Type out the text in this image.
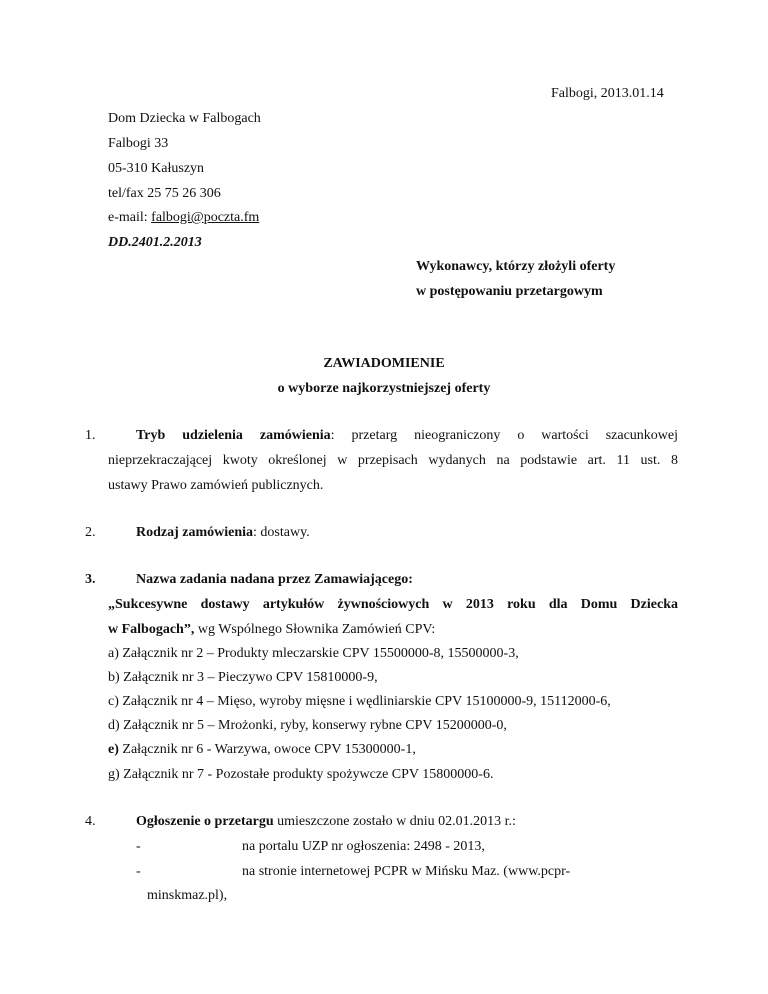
Falbogi, 2013.01.14
Dom Dziecka w Falbogach
Falbogi 33
05-310 Kałuszyn
tel/fax 25 75 26 306
e-mail: falbogi@poczta.fm
DD.2401.2.2013
Wykonawcy, którzy złożyli oferty
w postępowaniu przetargowym
ZAWIADOMIENIE
o wyborze najkorzystniejszej oferty
1.	Tryb udzielenia zamówienia: przetarg nieograniczony o wartości szacunkowej
nieprzekraczającej kwoty określonej w przepisach wydanych na podstawie art. 11 ust. 8
ustawy Prawo zamówień publicznych.
2.	Rodzaj zamówienia: dostawy.
3.	Nazwa zadania nadana przez Zamawiającego:
„Sukcesywne dostawy artykułów żywnościowych w 2013 roku dla Domu Dziecka
w Falbogach”, wg Wspólnego Słownika Zamówień CPV:
a) Załącznik nr 2 – Produkty mleczarskie CPV 15500000-8, 15500000-3,
b) Załącznik nr 3 – Pieczywo CPV 15810000-9,
c) Załącznik nr 4 – Mięso, wyroby mięsne i wędliniarskie CPV 15100000-9, 15112000-6,
d) Załącznik nr 5 – Mrożonki, ryby, konserwy rybne CPV 15200000-0,
e) Załącznik nr 6 - Warzywa, owoce CPV 15300000-1,
g) Załącznik nr 7 - Pozostałe produkty spożywcze CPV 15800000-6.
4.	Ogłoszenie o przetargu umieszczone zostało w dniu 02.01.2013 r.:
-	na portalu UZP nr ogłoszenia: 2498 - 2013,
-	na stronie internetowej PCPR w Mińsku Maz. (www.pcpr-
minskmaz.pl),
